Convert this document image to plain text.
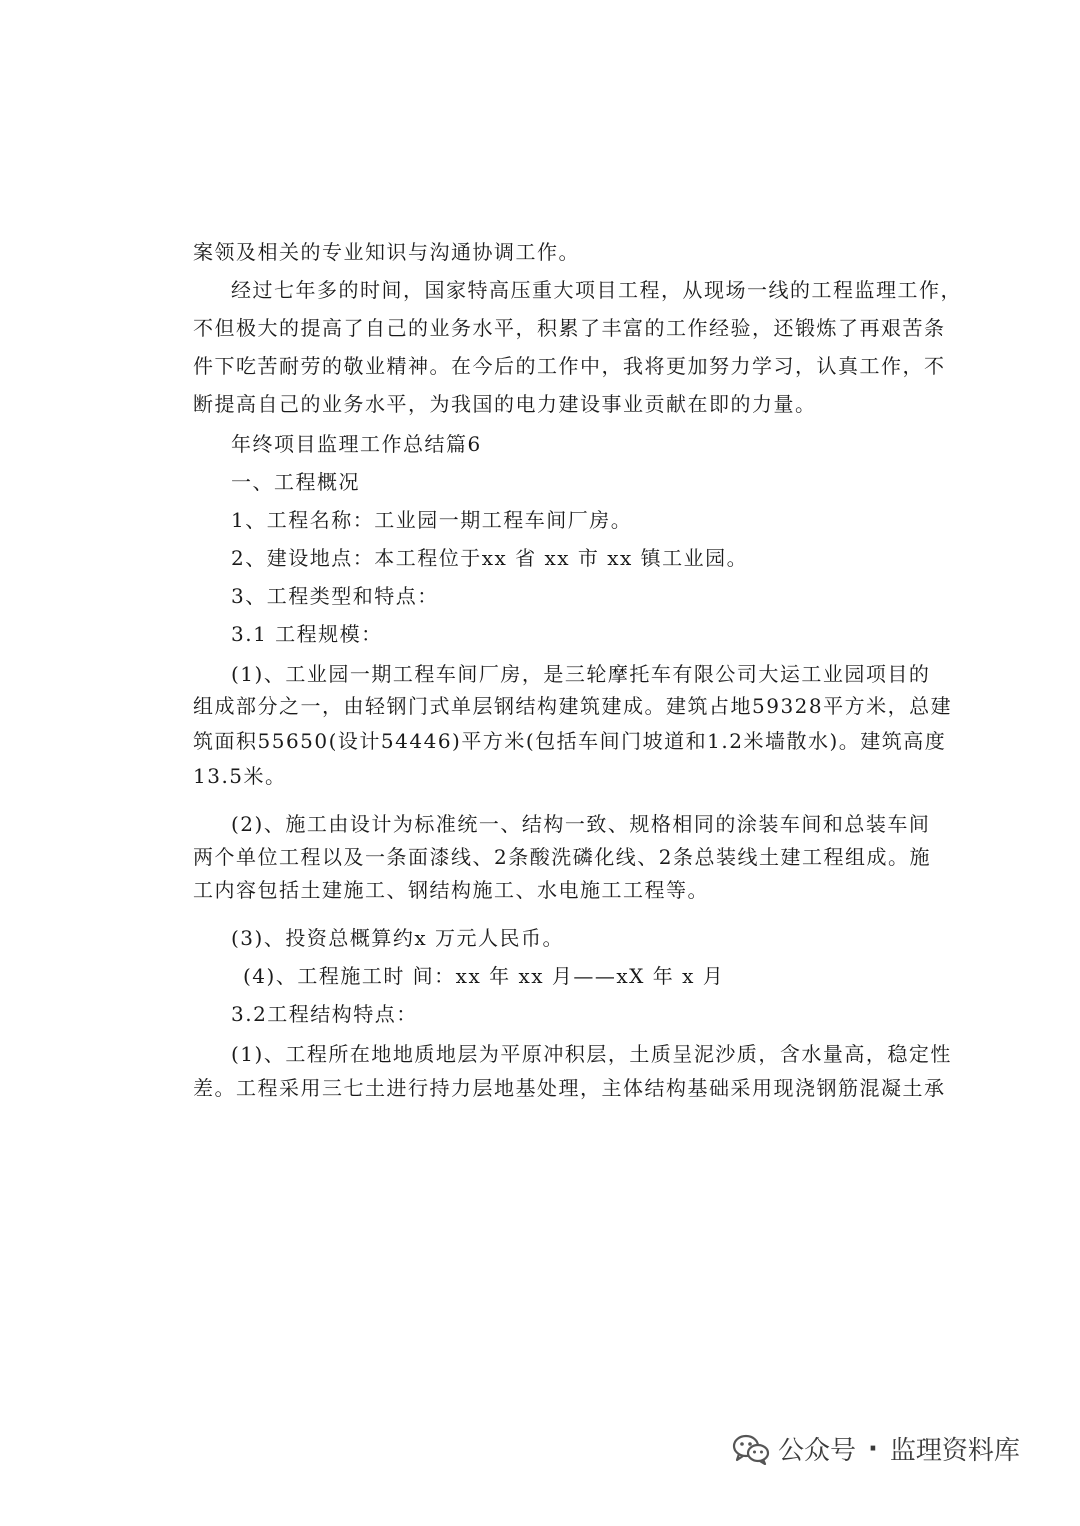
案领及相关的专业知识与沟通协调工作。
经过七年多的时间，国家特高压重大项目工程，从现场一线的工程监理工作，
不但极大的提高了自己的业务水平，积累了丰富的工作经验，还锻炼了再艰苦条
件下吃苦耐劳的敬业精神。在今后的工作中，我将更加努力学习，认真工作，不
断提高自己的业务水平，为我国的电力建设事业贡献在即的力量。
年终项目监理工作总结篇6
一、工程概况
1、工程名称：工业园一期工程车间厂房。
2、建设地点：本工程位于xx 省 xx 市 xx 镇工业园。
3、工程类型和特点：
3.1 工程规模：
(1)、工业园一期工程车间厂房，是三轮摩托车有限公司大运工业园项目的
组成部分之一，由轻钢门式单层钢结构建筑建成。建筑占地59328平方米，总建
筑面积55650(设计54446)平方米(包括车间门坡道和1.2米墙散水)。建筑高度
13.5米。
(2)、施工由设计为标准统一、结构一致、规格相同的涂装车间和总装车间
两个单位工程以及一条面漆线、2条酸洗磷化线、2条总装线土建工程组成。施
工内容包括土建施工、钢结构施工、水电施工工程等。
(3)、投资总概算约x 万元人民币。
(4)、工程施工时 间：xx 年 xx 月——xX 年 x 月
3.2工程结构特点：
(1)、工程所在地地质地层为平原冲积层，土质呈泥沙质，含水量高，稳定性
差。工程采用三七土进行持力层地基处理，主体结构基础采用现浇钢筋混凝土承
公众号 · 监理资料库
